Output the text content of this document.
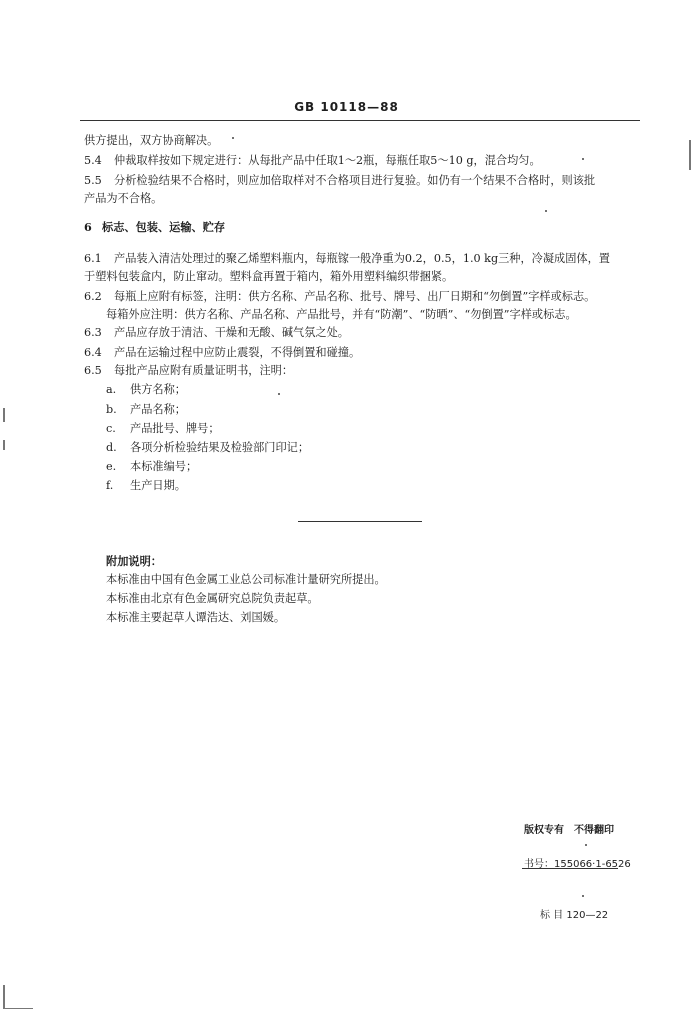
GB 10118—88
供方提出，双方协商解决。
5.4 仲裁取样按如下规定进行：从每批产品中任取1～2瓶，每瓶任取5～10 g，混合均匀。
5.5 分析检验结果不合格时，则应加倍取样对不合格项目进行复验。如仍有一个结果不合格时，则该批
产品为不合格。
6 标志、包装、运输、贮存
6.1 产品装入清洁处理过的聚乙烯塑料瓶内，每瓶镓一般净重为0.2，0.5，1.0 kg三种，冷凝成固体，置
于塑料包装盒内，防止窜动。塑料盒再置于箱内，箱外用塑料编织带捆紧。
6.2 每瓶上应附有标签，注明：供方名称、产品名称、批号、牌号、出厂日期和“勿倒置”字样或标志。
每箱外应注明：供方名称、产品名称、产品批号，并有“防潮”、“防晒”、“勿倒置”字样或标志。
6.3 产品应存放于清洁、干燥和无酸、碱气氛之处。
6.4 产品在运输过程中应防止震裂，不得倒置和碰撞。
6.5 每批产品应附有质量证明书，注明：
a. 供方名称；
b. 产品名称；
c. 产品批号、牌号；
d. 各项分析检验结果及检验部门印记；
e. 本标准编号；
f. 生产日期。
附加说明：
本标准由中国有色金属工业总公司标准计量研究所提出。
本标准由北京有色金属研究总院负责起草。
本标准主要起草人谭浩达、刘国媛。
版权专有　不得翻印
书号：155066·1-6526
标 目 120—22
